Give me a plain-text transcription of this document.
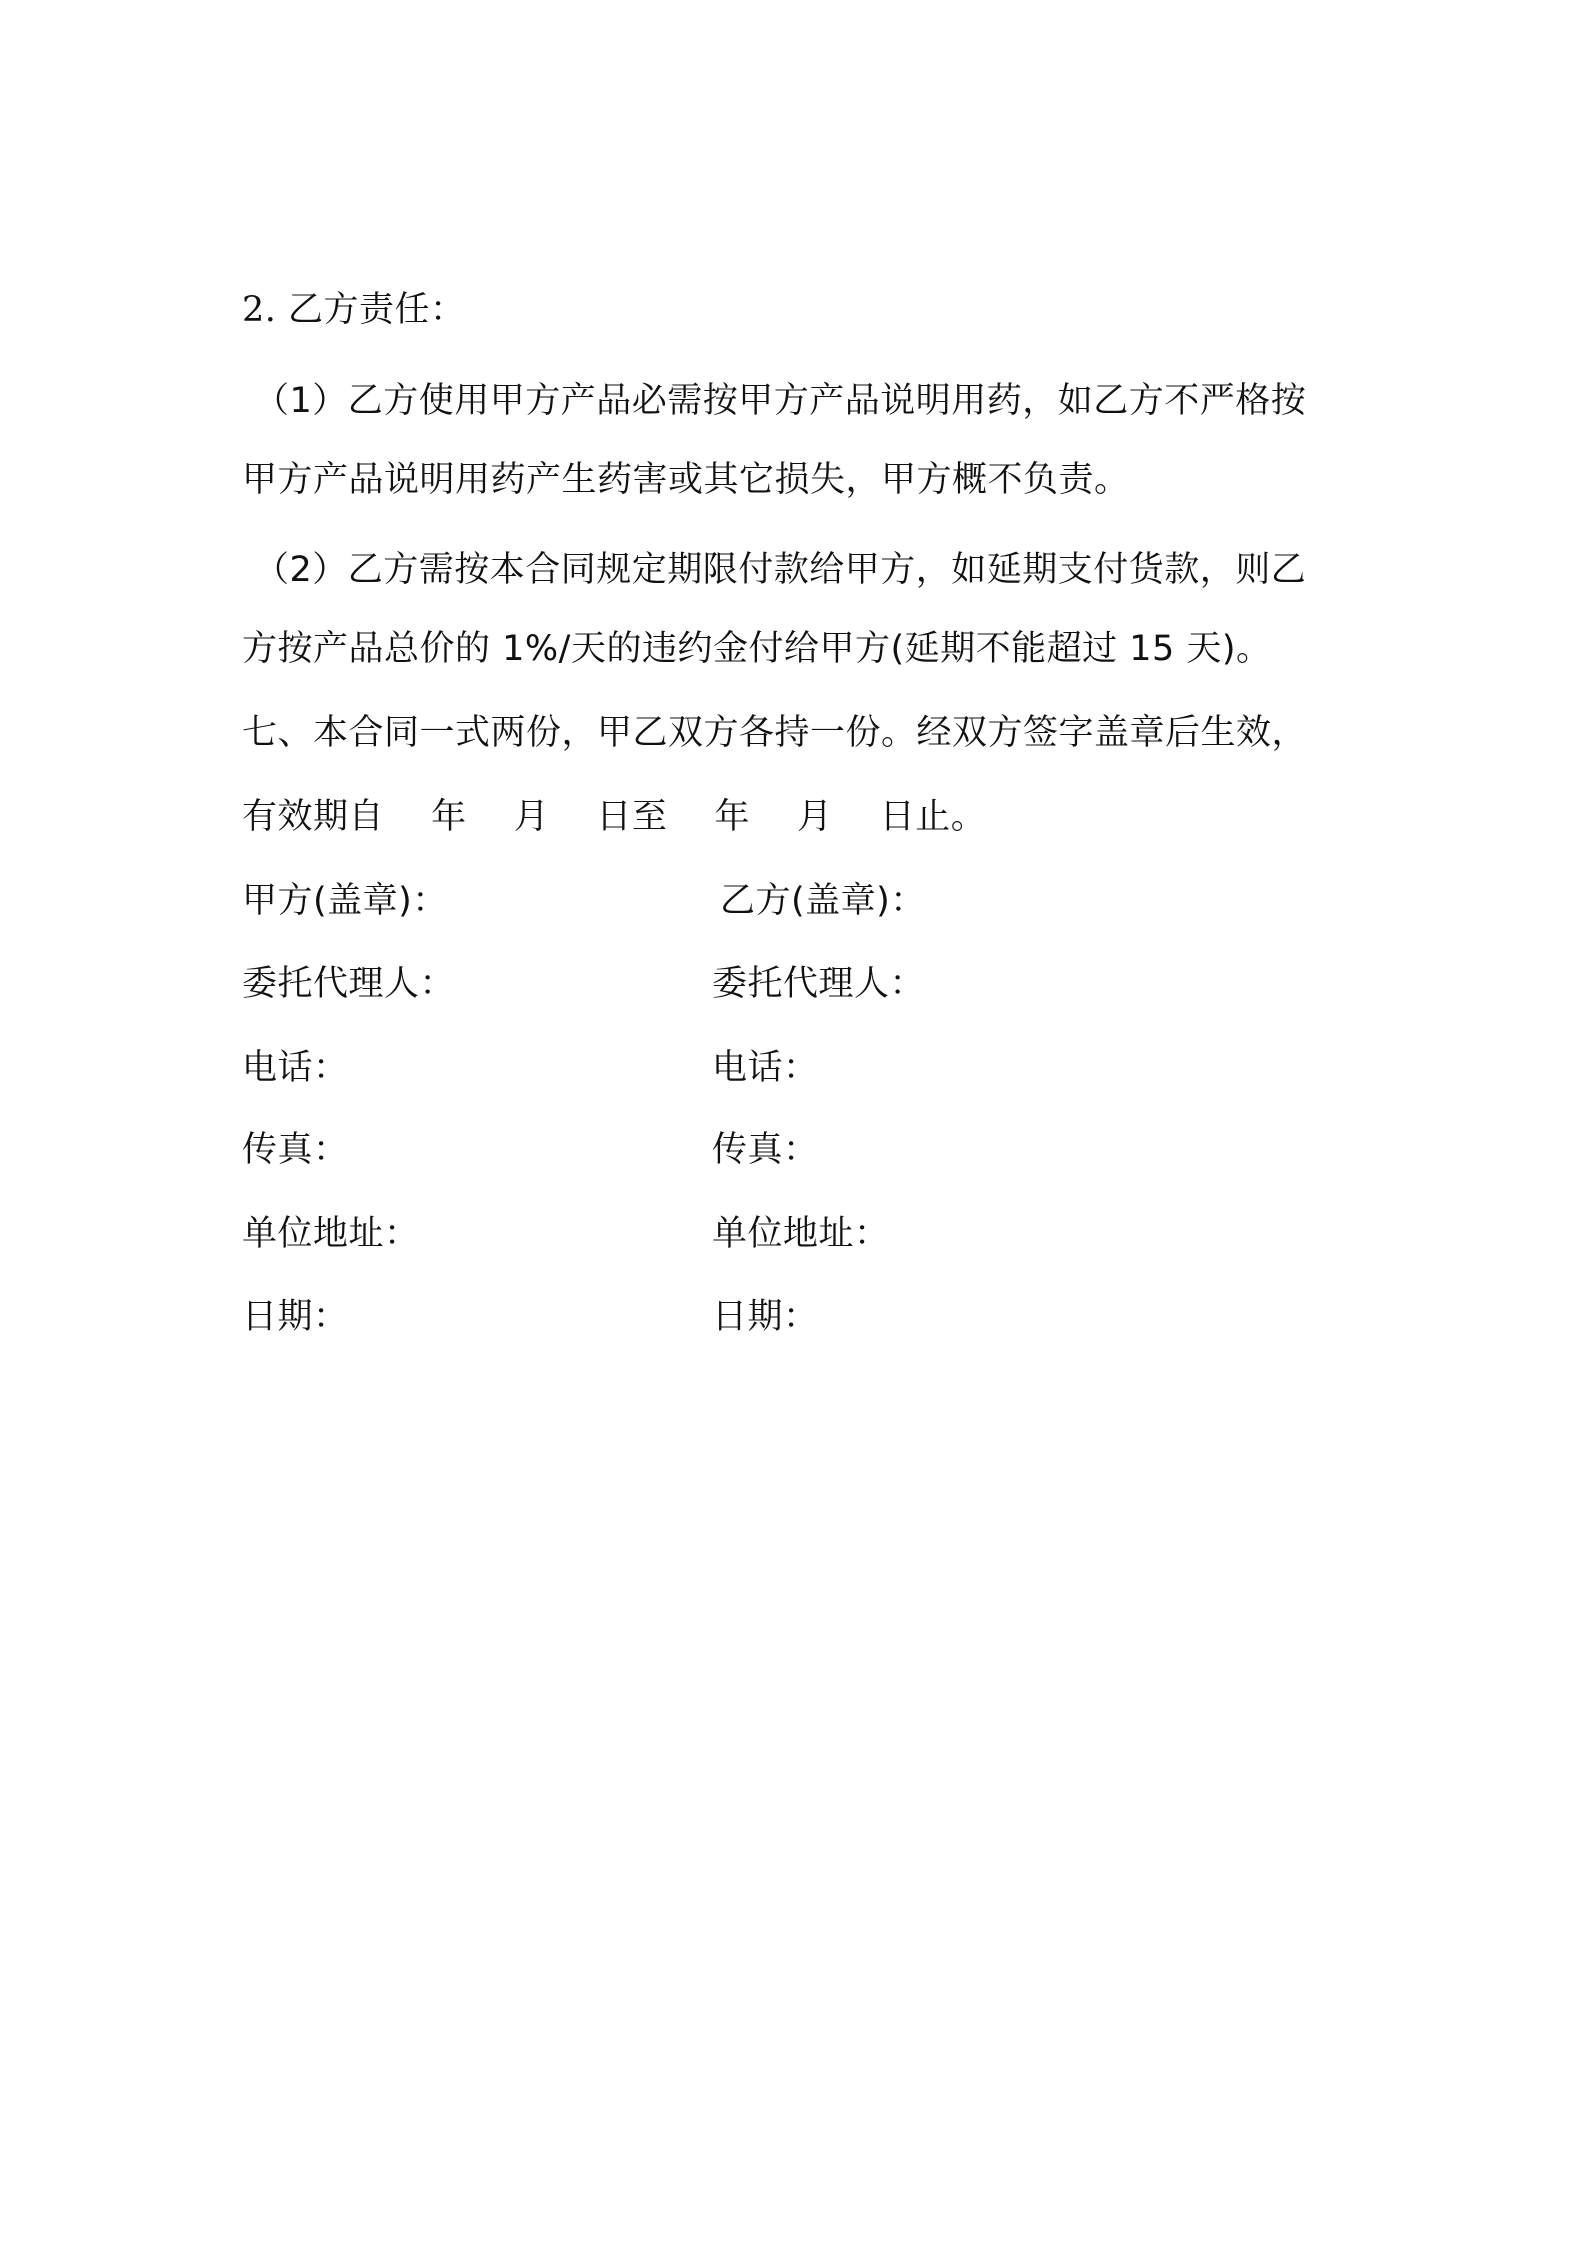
2. 乙方责任：
（1）乙方使用甲方产品必需按甲方产品说明用药，如乙方不严格按
甲方产品说明用药产生药害或其它损失，甲方概不负责。
（2）乙方需按本合同规定期限付款给甲方，如延期支付货款，则乙
方按产品总价的 1%/天的违约金付给甲方(延期不能超过 15 天)。
七、本合同一式两份，甲乙双方各持一份。经双方签字盖章后生效，
有效期自　 年　 月　 日至　 年　 月　 日止。
甲方(盖章)：
委托代理人：
电话：
传真：
单位地址：
日期：
乙方(盖章)：
委托代理人：
电话：
传真：
单位地址：
日期：
